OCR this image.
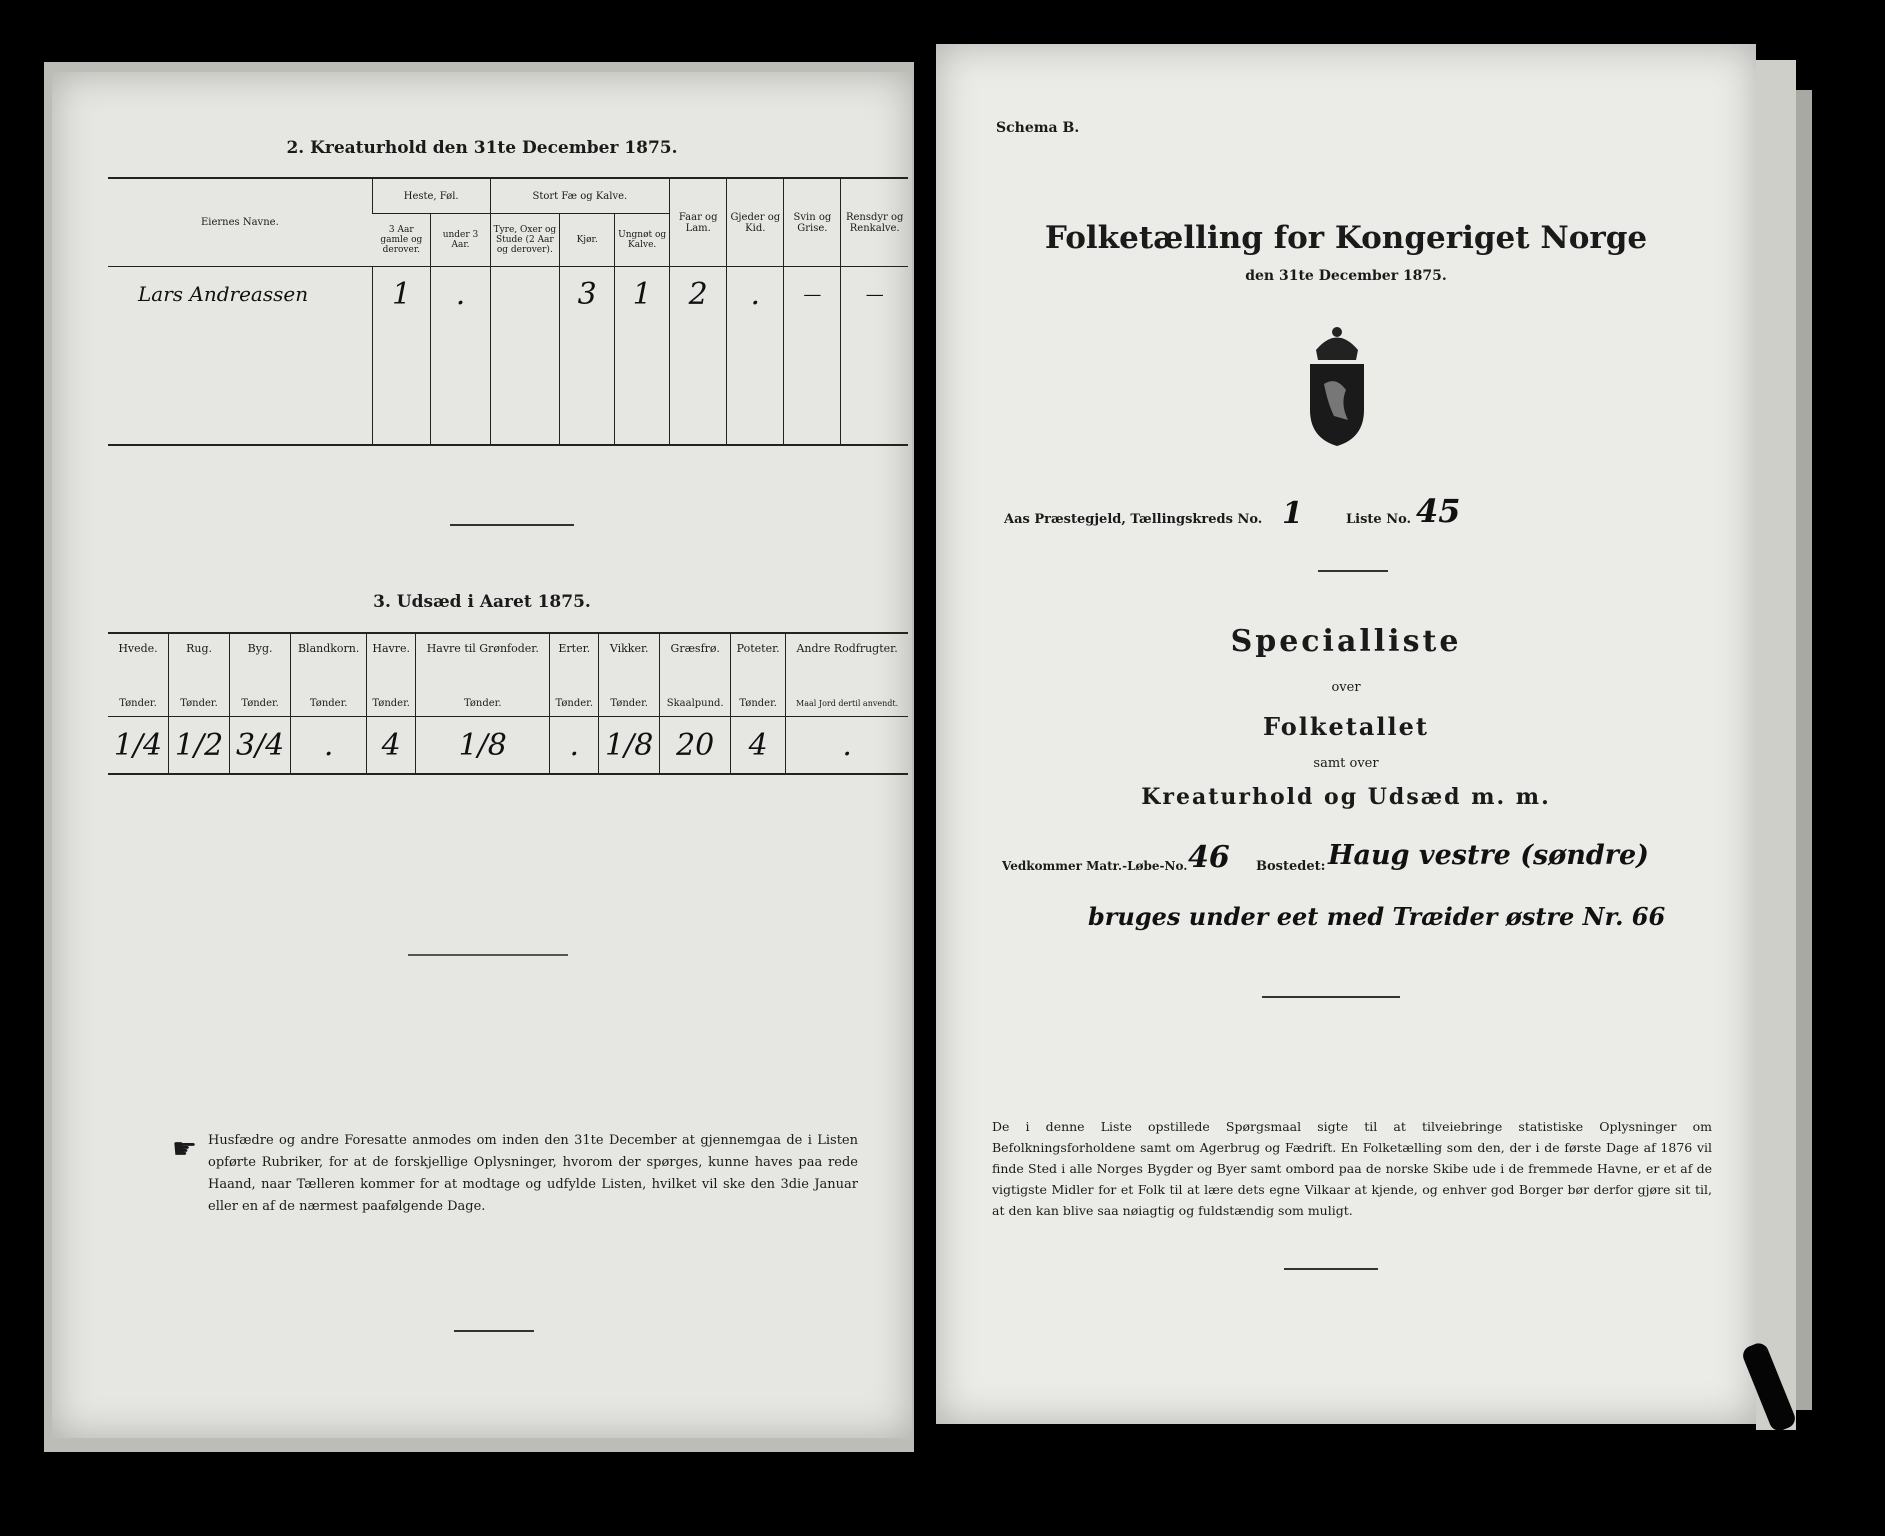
2. Kreaturhold den 31te December 1875.
Eiernes Navne.	Heste, Føl.		Stort Fæ og Kalve.			Faar og Lam.	Gjeder og Kid.	Svin og Grise.	Rensdyr og Renkalve.
	3 Aar gamle og derover.	under 3 Aar.	Tyre, Oxer og Stude (2 Aar og derover).	Kjør.	Ungnøt og Kalve.				
Lars Andreassen	1	.		3	1	2	.	—	—

3. Udsæd i Aaret 1875.
Hvede.	Rug.	Byg.	Blandkorn.	Havre.	Havre til Grønfoder.	Erter.	Vikker.	Græsfrø.	Poteter.	Andre Rodfrugter.
Tønder.	Tønder.	Tønder.	Tønder.	Tønder.	Tønder.	Tønder.	Tønder.	Skaalpund.	Tønder.	Maal Jord dertil anvendt.
1/4	1/2	3/4	.	4	1/8	.	1/8	20	4	.
☛ Husfædre og andre Foresatte anmodes om inden den 31te December at gjennemgaa de i Listen opførte Rubriker, for at de forskjellige Oplysninger, hvorom der spørges, kunne haves paa rede Haand, naar Tælleren kommer for at modtage og udfylde Listen, hvilket vil ske den 3die Januar eller en af de nærmest paafølgende Dage.
Schema B.
Folketælling for Kongeriget Norge
den 31te December 1875.
Aas Præstegjeld, Tællingskreds No. 1	Liste No. 45
Specialliste
over
Folketallet
samt over
Kreaturhold og Udsæd m. m.
Vedkommer Matr.-Løbe-No. 46 Bostedet: Haug vestre (søndre)
bruges under eet med Træider østre Nr. 66
De i denne Liste opstillede Spørgsmaal sigte til at tilveiebringe statistiske Oplysninger om Befolkningsforholdene samt om Agerbrug og Fædrift. En Folketælling som den, der i de første Dage af 1876 vil finde Sted i alle Norges Bygder og Byer samt ombord paa de norske Skibe ude i de fremmede Havne, er et af de vigtigste Midler for et Folk til at lære dets egne Vilkaar at kjende, og enhver god Borger bør derfor gjøre sit til, at den kan blive saa nøiagtig og fuldstændig som muligt.
